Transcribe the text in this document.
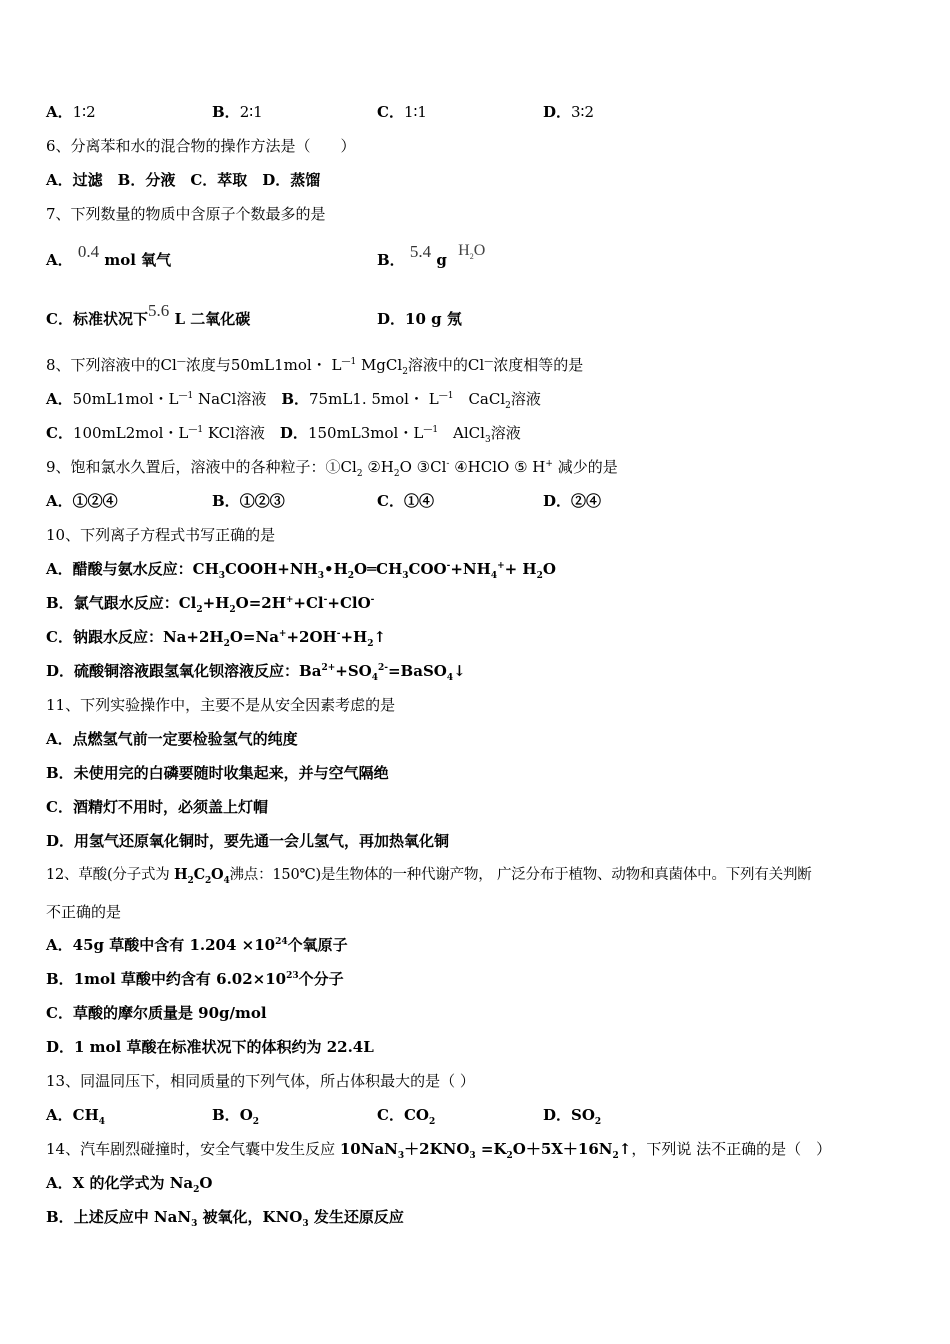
A．1∶2	B．2∶1	C．1∶1	D．3∶2
6、分离苯和水的混合物的操作方法是（　　）
A．过滤　B．分液　C．萃取　D．蒸馏
7、下列数量的物质中含原子个数最多的是
A． 0.4 mol 氧气	B． 5.4 g $H_2O$
C．标准状况下5.6 L 二氧化碳	D．10 g 氖
8、下列溶液中的Cl—浓度与50mL1mol・ $L^{—1}$ MgCl$_2$溶液中的Cl—浓度相等的是
A．50mL1mol・$L^{—1}$ NaCl溶液　B．75mL1. 5mol・ $L^{—1}$　CaCl$_2$溶液
C．100mL2mol・$L^{—1}$ KCl溶液　D．150mL3mol・$L^{—1}$　AlCl$_3$溶液
9、饱和氯水久置后，溶液中的各种粒子：$①Cl_2$ $②H_2O$ ③Cl- ④HClO ⑤ H+ 减少的是
A．①②④	B．①②③	C．①④	D．②④
10、下列离子方程式书写正确的是
A．醋酸与氨水反应：$CH_3COOH+NH_3•H_2O═CH_3COO^-+NH_4^++ H_2O$
B．氯气跟水反应：$Cl_2+H_2O=2H^++Cl^-+ClO^-$
C．钠跟水反应：$Na+2H_2O=Na^++2OH^-+H_2↑$
D．硫酸铜溶液跟氢氧化钡溶液反应：$Ba^{2+}+SO_4^{2-}=BaSO_4↓$
11、下列实验操作中，主要不是从安全因素考虑的是
A．点燃氢气前一定要检验氢气的纯度
B．未使用完的白磷要随时收集起来，并与空气隔绝
C．酒精灯不用时，必须盖上灯帽
D．用氢气还原氧化铜时，要先通一会儿氢气，再加热氧化铜
12、草酸(分子式为 $H_2C_2O_4$沸点：150℃)是生物体的一种代谢产物， 广泛分布于植物、动物和真菌体中。下列有关判断
不正确的是
A．45g 草酸中含有 $1.204 \times 10^{24}$个氧原子
B．1mol 草酸中约含有 $6.02\times 10^{23}$个分子
C．草酸的摩尔质量是 90g/mol
D．1 mol 草酸在标准状况下的体积约为 22.4L
13、同温同压下，相同质量的下列气体，所占体积最大的是（ ）
A．$CH_4$	B．$O_2$	C．$CO_2$	D．$SO_2$
14、汽车剧烈碰撞时，安全气囊中发生反应 $10NaN_3+2KNO_3$ $=K_2O+5X+16N_2↑$，下列说 法不正确的是（　）
A．X 的化学式为 $Na_2O$
B．上述反应中 NaN$_3$ 被氧化，$KNO_3$ 发生还原反应
